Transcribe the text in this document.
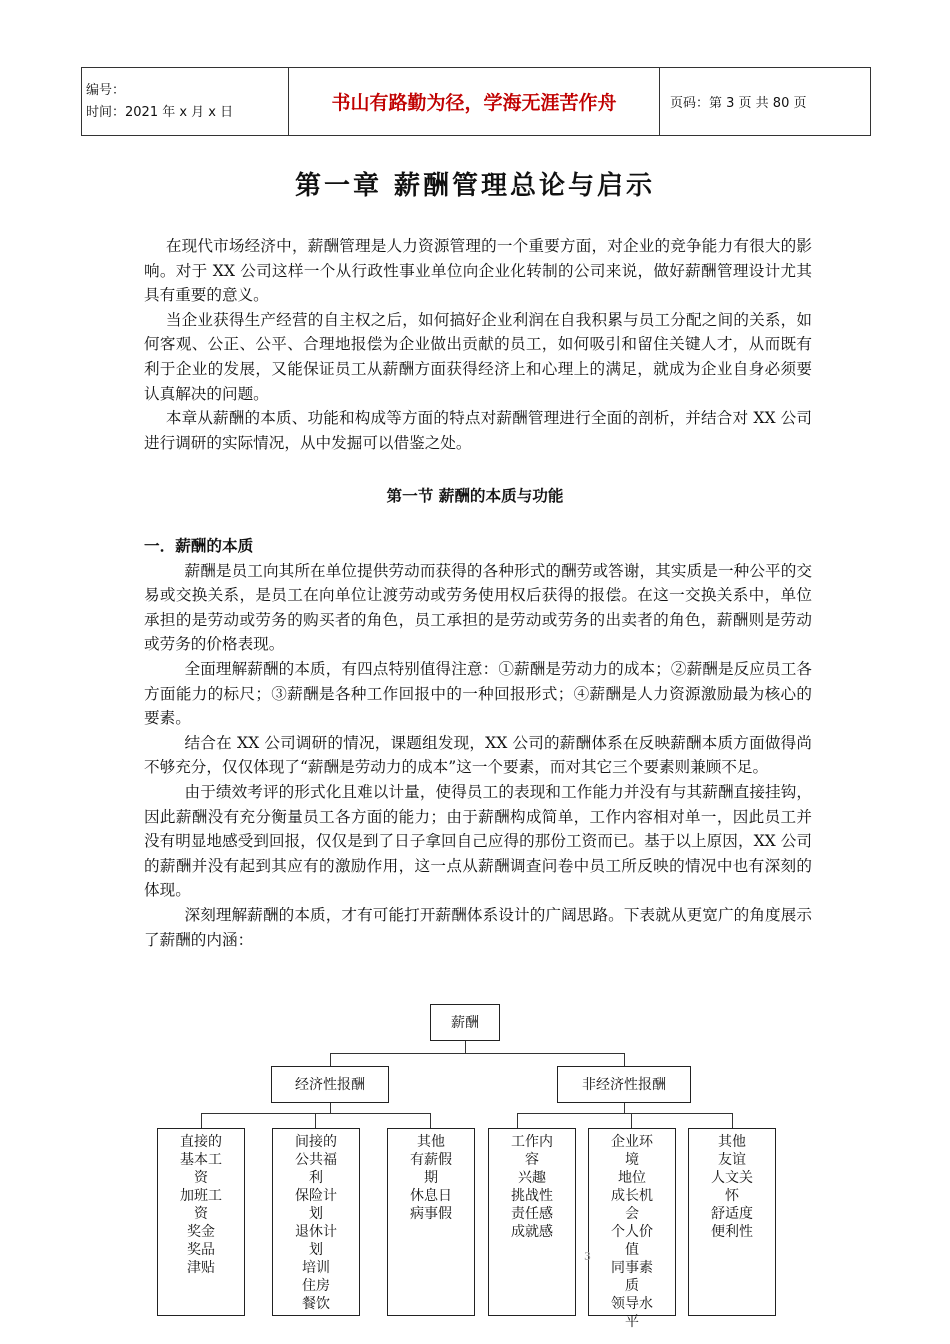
编号：
时间：2021 年 x 月 x 日	书山有路勤为径，学海无涯苦作舟	页码：第 3 页 共 80 页
第一章 薪酬管理总论与启示

在现代市场经济中，薪酬管理是人力资源管理的一个重要方面，对企业的竞争能力有很大的影响。对于 XX 公司这样一个从行政性事业单位向企业化转制的公司来说，做好薪酬管理设计尤其具有重要的意义。

当企业获得生产经营的自主权之后，如何搞好企业利润在自我积累与员工分配之间的关系，如何客观、公正、公平、合理地报偿为企业做出贡献的员工，如何吸引和留住关键人才，从而既有利于企业的发展，又能保证员工从薪酬方面获得经济上和心理上的满足，就成为企业自身必须要认真解决的问题。

本章从薪酬的本质、功能和构成等方面的特点对薪酬管理进行全面的剖析，并结合对 XX 公司进行调研的实际情况，从中发掘可以借鉴之处。

第一节 薪酬的本质与功能

一．薪酬的本质

薪酬是员工向其所在单位提供劳动而获得的各种形式的酬劳或答谢，其实质是一种公平的交易或交换关系，是员工在向单位让渡劳动或劳务使用权后获得的报偿。在这一交换关系中，单位承担的是劳动或劳务的购买者的角色，员工承担的是劳动或劳务的出卖者的角色，薪酬则是劳动或劳务的价格表现。

全面理解薪酬的本质，有四点特别值得注意：①薪酬是劳动力的成本；②薪酬是反应员工各方面能力的标尺；③薪酬是各种工作回报中的一种回报形式；④薪酬是人力资源激励最为核心的要素。

结合在 XX 公司调研的情况，课题组发现，XX 公司的薪酬体系在反映薪酬本质方面做得尚不够充分，仅仅体现了“薪酬是劳动力的成本”这一个要素，而对其它三个要素则兼顾不足。

由于绩效考评的形式化且难以计量，使得员工的表现和工作能力并没有与其薪酬直接挂钩，因此薪酬没有充分衡量员工各方面的能力；由于薪酬构成简单，工作内容相对单一，因此员工并没有明显地感受到回报，仅仅是到了日子拿回自己应得的那份工资而已。基于以上原因，XX 公司的薪酬并没有起到其应有的激励作用，这一点从薪酬调查问卷中员工所反映的情况中也有深刻的体现。

深刻理解薪酬的本质，才有可能打开薪酬体系设计的广阔思路。下表就从更宽广的角度展示了薪酬的内涵：

薪酬
经济性报酬	非经济性报酬
直接的
基本工
资
加班工
资
奖金
奖品
津贴
间接的
公共福
利
保险计
划
退休计
划
培训
住房
餐饮
其他
有薪假
期
休息日
病事假
工作内
容
兴趣
挑战性
责任感
成就感
企业环
境
地位
成长机
会
个人价
值
同事素
质
领导水
平
其他
友谊
人文关
怀
舒适度
便利性
3
